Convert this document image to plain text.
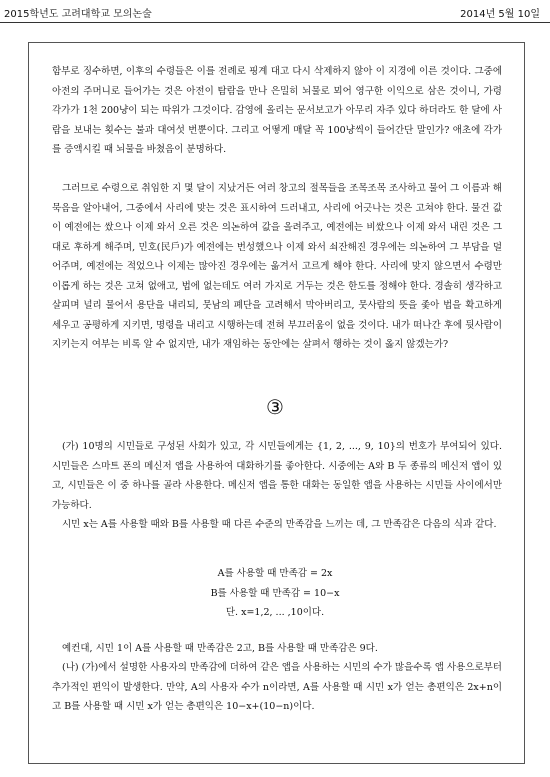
2015학년도 고려대학교 모의논술	2014년 5월 10일
함부로 징수하면, 이후의 수령들은 이를 전례로 핑계 대고 다시 삭제하지 않아 이 지경에 이른 것이다. 그중에 아전의 주머니로 들어가는 것은 아전이 탐람을 만나 은밀히 뇌물로 뫼어 영구한 이익으로 삼은 것이니, 가령 각가가 1천 200냥이 되는 따위가 그것이다. 감영에 올리는 문서보고가 아무리 자주 있다 하더라도 한 달에 사람을 보내는 횟수는 불과 대여섯 번뿐이다. 그리고 어떻게 매달 꼭 100냥씩이 들어간단 말인가? 애초에 각가를 증액시킬 때 뇌물을 바쳤음이 분명하다.
그러므로 수령으로 취임한 지 몇 달이 지났거든 여러 창고의 절목들을 조목조목 조사하고 물어 그 이름과 해묵음을 알아내어, 그중에서 사리에 맞는 것은 표시하여 드러내고, 사리에 어긋나는 것은 고쳐야 한다. 물건 값이 예전에는 쌌으나 이제 와서 오른 것은 의논하여 값을 올려주고, 예전에는 비쌌으나 이제 와서 내린 것은 그대로 후하게 해주며, 민호(民戶)가 예전에는 번성했으나 이제 와서 쇠잔해진 경우에는 의논하여 그 부담을 덜어주며, 예전에는 적었으나 이제는 많아진 경우에는 옮겨서 고르게 해야 한다. 사리에 맞지 않으면서 수령만 이롭게 하는 것은 고쳐 없애고, 법에 없는데도 여러 가지로 거두는 것은 한도를 정해야 한다. 경솔히 생각하고 살피며 널리 물어서 용단을 내리되, 뭇남의 폐단을 고려해서 막아버리고, 뭇사람의 뜻을 좇아 법을 확고하게 세우고 공평하게 지키면, 명령을 내리고 시행하는데 전혀 부끄러움이 없을 것이다. 내가 떠나간 후에 뒷사람이 지키는지 여부는 비록 알 수 없지만, 내가 재임하는 동안에는 살펴서 행하는 것이 옳지 않겠는가?
③
(가) 10명의 시민들로 구성된 사회가 있고, 각 시민들에게는 {1, 2, ..., 9, 10}의 번호가 부여되어 있다. 시민들은 스마트 폰의 메신저 앱을 사용하여 대화하기를 좋아한다. 시중에는 A와 B 두 종류의 메신저 앱이 있고, 시민들은 이 중 하나를 골라 사용한다. 메신저 앱을 통한 대화는 동일한 앱을 사용하는 시민들 사이에서만 가능하다.
시민 x는 A를 사용할 때와 B를 사용할 때 다른 수준의 만족감을 느끼는 데, 그 만족감은 다음의 식과 같다.
A를 사용할 때 만족감 = 2x
B를 사용할 때 만족감 = 10−x
단. x=1,2, ... ,10이다.
예컨대, 시민 1이 A를 사용할 때 만족감은 2고, B를 사용할 때 만족감은 9다.
(나) (가)에서 설명한 사용자의 만족감에 더하여 같은 앱을 사용하는 시민의 수가 많을수록 앱 사용으로부터 추가적인 편익이 발생한다. 만약, A의 사용자 수가 n이라면, A를 사용할 때 시민 x가 얻는 총편익은 2x+n이고 B를 사용할 때 시민 x가 얻는 총편익은 10−x+(10−n)이다.
